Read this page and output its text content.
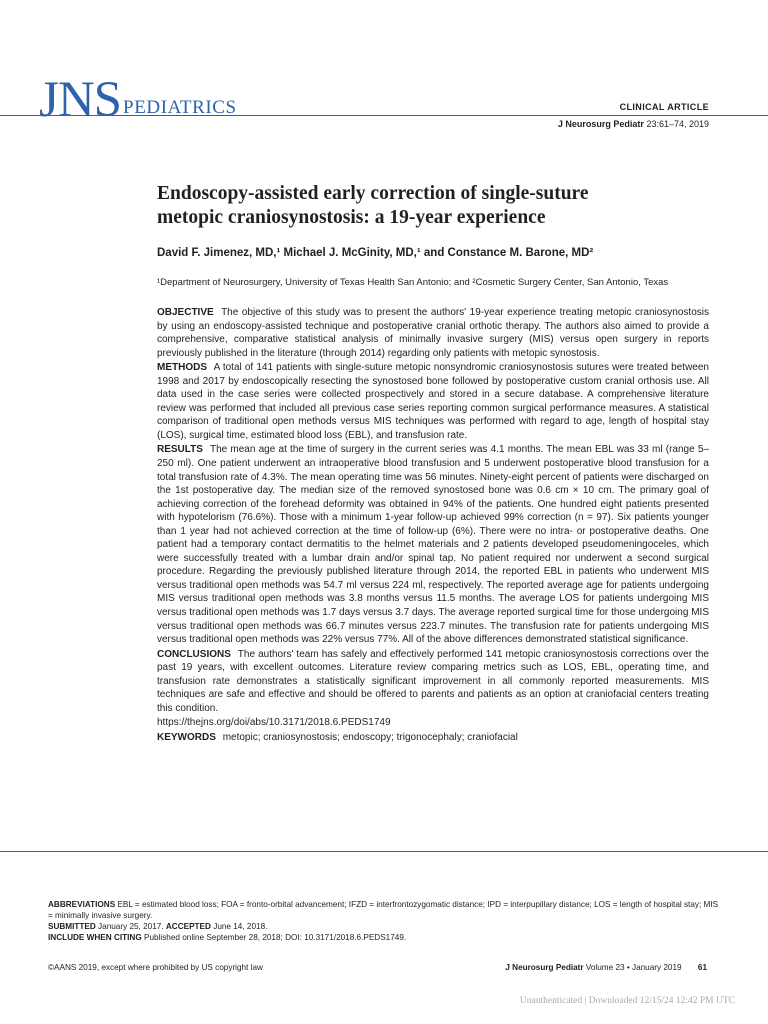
JNS PEDIATRICS	CLINICAL ARTICLE
J Neurosurg Pediatr 23:61–74, 2019
Endoscopy-assisted early correction of single-suture
metopic craniosynostosis: a 19-year experience
David F. Jimenez, MD,¹ Michael J. McGinity, MD,¹ and Constance M. Barone, MD²
¹Department of Neurosurgery, University of Texas Health San Antonio; and ²Cosmetic Surgery Center, San Antonio, Texas

OBJECTIVE The objective of this study was to present the authors' 19-year experience treating metopic craniosynostosis by using an endoscopy-assisted technique and postoperative cranial orthotic therapy. The authors also aimed to provide a comprehensive, comparative statistical analysis of minimally invasive surgery (MIS) versus open surgery in reports previously published in the literature (through 2014) regarding only patients with metopic synostosis.

METHODS A total of 141 patients with single-suture metopic nonsyndromic craniosynostosis sutures were treated between 1998 and 2017 by endoscopically resecting the synostosed bone followed by postoperative custom cranial orthosis use. All data used in the case series were collected prospectively and stored in a secure database. A comprehensive literature review was performed that included all previous case series reporting common surgical performance measures. A statistical comparison of traditional open methods versus MIS techniques was performed with regard to age, length of hospital stay (LOS), surgical time, estimated blood loss (EBL), and transfusion rate.

RESULTS The mean age at the time of surgery in the current series was 4.1 months. The mean EBL was 33 ml (range 5–250 ml). One patient underwent an intraoperative blood transfusion and 5 underwent postoperative blood transfusion for a total transfusion rate of 4.3%. The mean operating time was 56 minutes. Ninety-eight percent of patients were discharged on the 1st postoperative day. The median size of the removed synostosed bone was 0.6 cm × 10 cm. The primary goal of achieving correction of the forehead deformity was obtained in 94% of the patients. One hundred eight patients presented with hypotelorism (76.6%). Those with a minimum 1-year follow-up achieved 99% correction (n = 97). Six patients younger than 1 year had not achieved correction at the time of follow-up (6%). There were no intra- or postoperative deaths. One patient had a temporary contact dermatitis to the helmet materials and 2 patients developed pseudomeningoceles, which were successfully treated with a lumbar drain and/or spinal tap. No patient required nor underwent a second surgical procedure. Regarding the previously published literature through 2014, the reported EBL in patients who underwent MIS versus traditional open methods was 54.7 ml versus 224 ml, respectively. The reported average age for patients undergoing MIS versus traditional open methods was 3.8 months versus 11.5 months. The average LOS for patients undergoing MIS versus traditional open methods was 1.7 days versus 3.7 days. The average reported surgical time for those undergoing MIS versus traditional open methods was 66.7 minutes versus 223.7 minutes. The transfusion rate for patients undergoing MIS versus traditional open methods was 22% versus 77%. All of the above differences demonstrated statistical significance.

CONCLUSIONS The authors' team has safely and effectively performed 141 metopic craniosynostosis corrections over the past 19 years, with excellent outcomes. Literature review comparing metrics such as LOS, EBL, operating time, and transfusion rate demonstrates a statistically significant improvement in all commonly reported measurements. MIS techniques are safe and effective and should be offered to parents and patients as an option at craniofacial centers treating this condition.

https://thejns.org/doi/abs/10.3171/2018.6.PEDS1749

KEYWORDS metopic; craniosynostosis; endoscopy; trigonocephaly; craniofacial

ABBREVIATIONS EBL = estimated blood loss; FOA = fronto-orbital advancement; IFZD = interfrontozygomatic distance; IPD = interpupillary distance; LOS = length of hospital stay; MIS = minimally invasive surgery.

SUBMITTED January 25, 2017. ACCEPTED June 14, 2018.

INCLUDE WHEN CITING Published online September 28, 2018; DOI: 10.3171/2018.6.PEDS1749.

©AANS 2019, except where prohibited by US copyright law	J Neurosurg Pediatr Volume 23 • January 2019 61
Unauthenticated | Downloaded 12/15/24 12:42 PM UTC
